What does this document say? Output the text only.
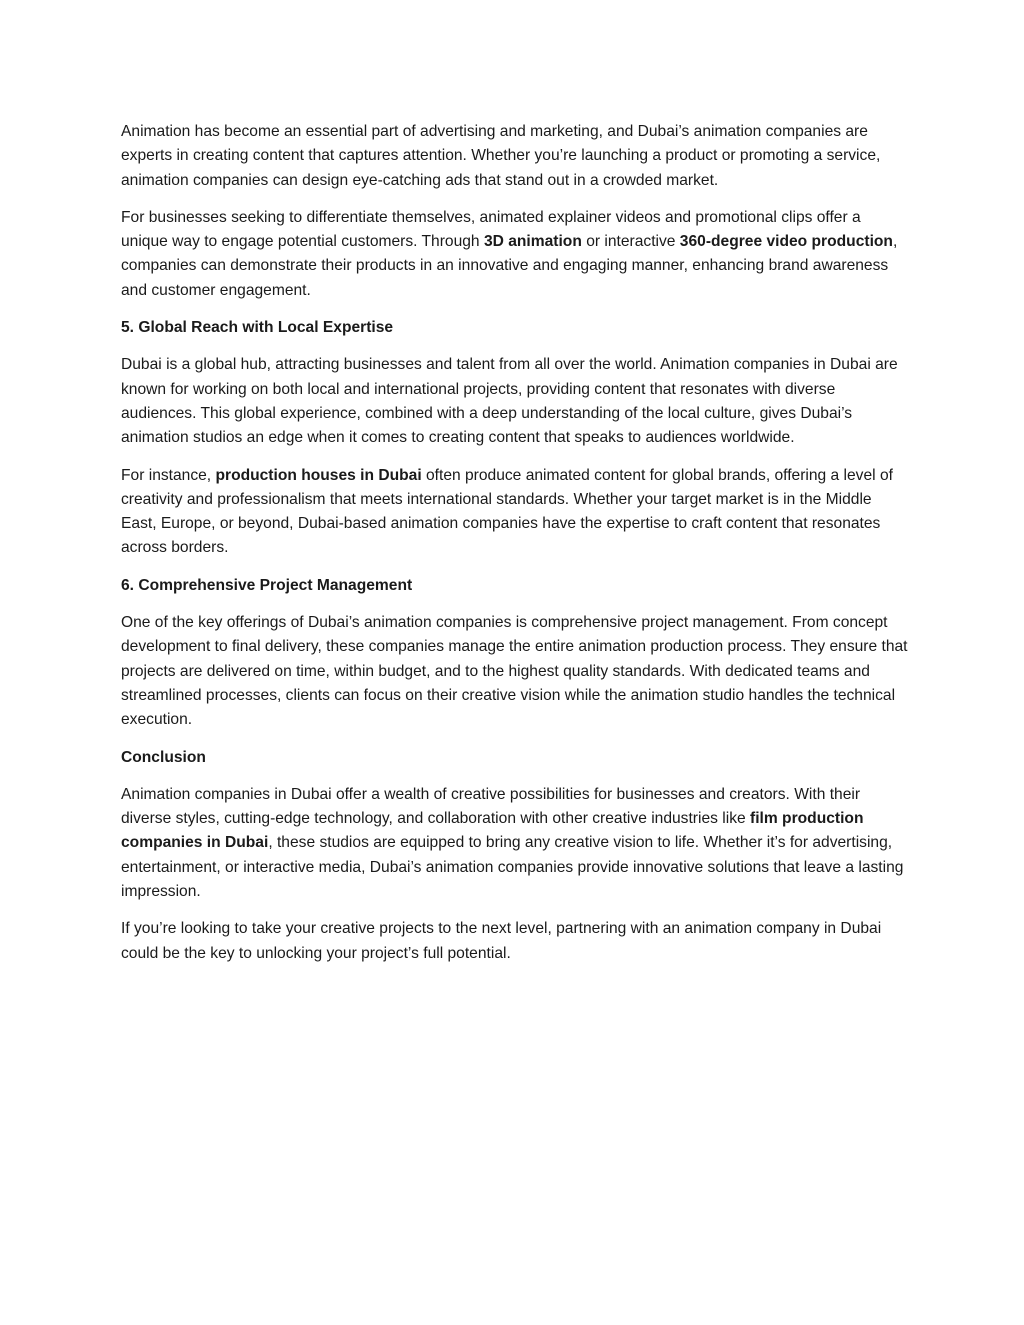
Animation has become an essential part of advertising and marketing, and Dubai’s animation companies are experts in creating content that captures attention. Whether you’re launching a product or promoting a service, animation companies can design eye-catching ads that stand out in a crowded market.

For businesses seeking to differentiate themselves, animated explainer videos and promotional clips offer a unique way to engage potential customers. Through 3D animation or interactive 360-degree video production, companies can demonstrate their products in an innovative and engaging manner, enhancing brand awareness and customer engagement.

5. Global Reach with Local Expertise

Dubai is a global hub, attracting businesses and talent from all over the world. Animation companies in Dubai are known for working on both local and international projects, providing content that resonates with diverse audiences. This global experience, combined with a deep understanding of the local culture, gives Dubai’s animation studios an edge when it comes to creating content that speaks to audiences worldwide.

For instance, production houses in Dubai often produce animated content for global brands, offering a level of creativity and professionalism that meets international standards. Whether your target market is in the Middle East, Europe, or beyond, Dubai-based animation companies have the expertise to craft content that resonates across borders.

6. Comprehensive Project Management

One of the key offerings of Dubai’s animation companies is comprehensive project management. From concept development to final delivery, these companies manage the entire animation production process. They ensure that projects are delivered on time, within budget, and to the highest quality standards. With dedicated teams and streamlined processes, clients can focus on their creative vision while the animation studio handles the technical execution.

Conclusion

Animation companies in Dubai offer a wealth of creative possibilities for businesses and creators. With their diverse styles, cutting-edge technology, and collaboration with other creative industries like film production companies in Dubai, these studios are equipped to bring any creative vision to life. Whether it’s for advertising, entertainment, or interactive media, Dubai’s animation companies provide innovative solutions that leave a lasting impression.

If you’re looking to take your creative projects to the next level, partnering with an animation company in Dubai could be the key to unlocking your project’s full potential.
